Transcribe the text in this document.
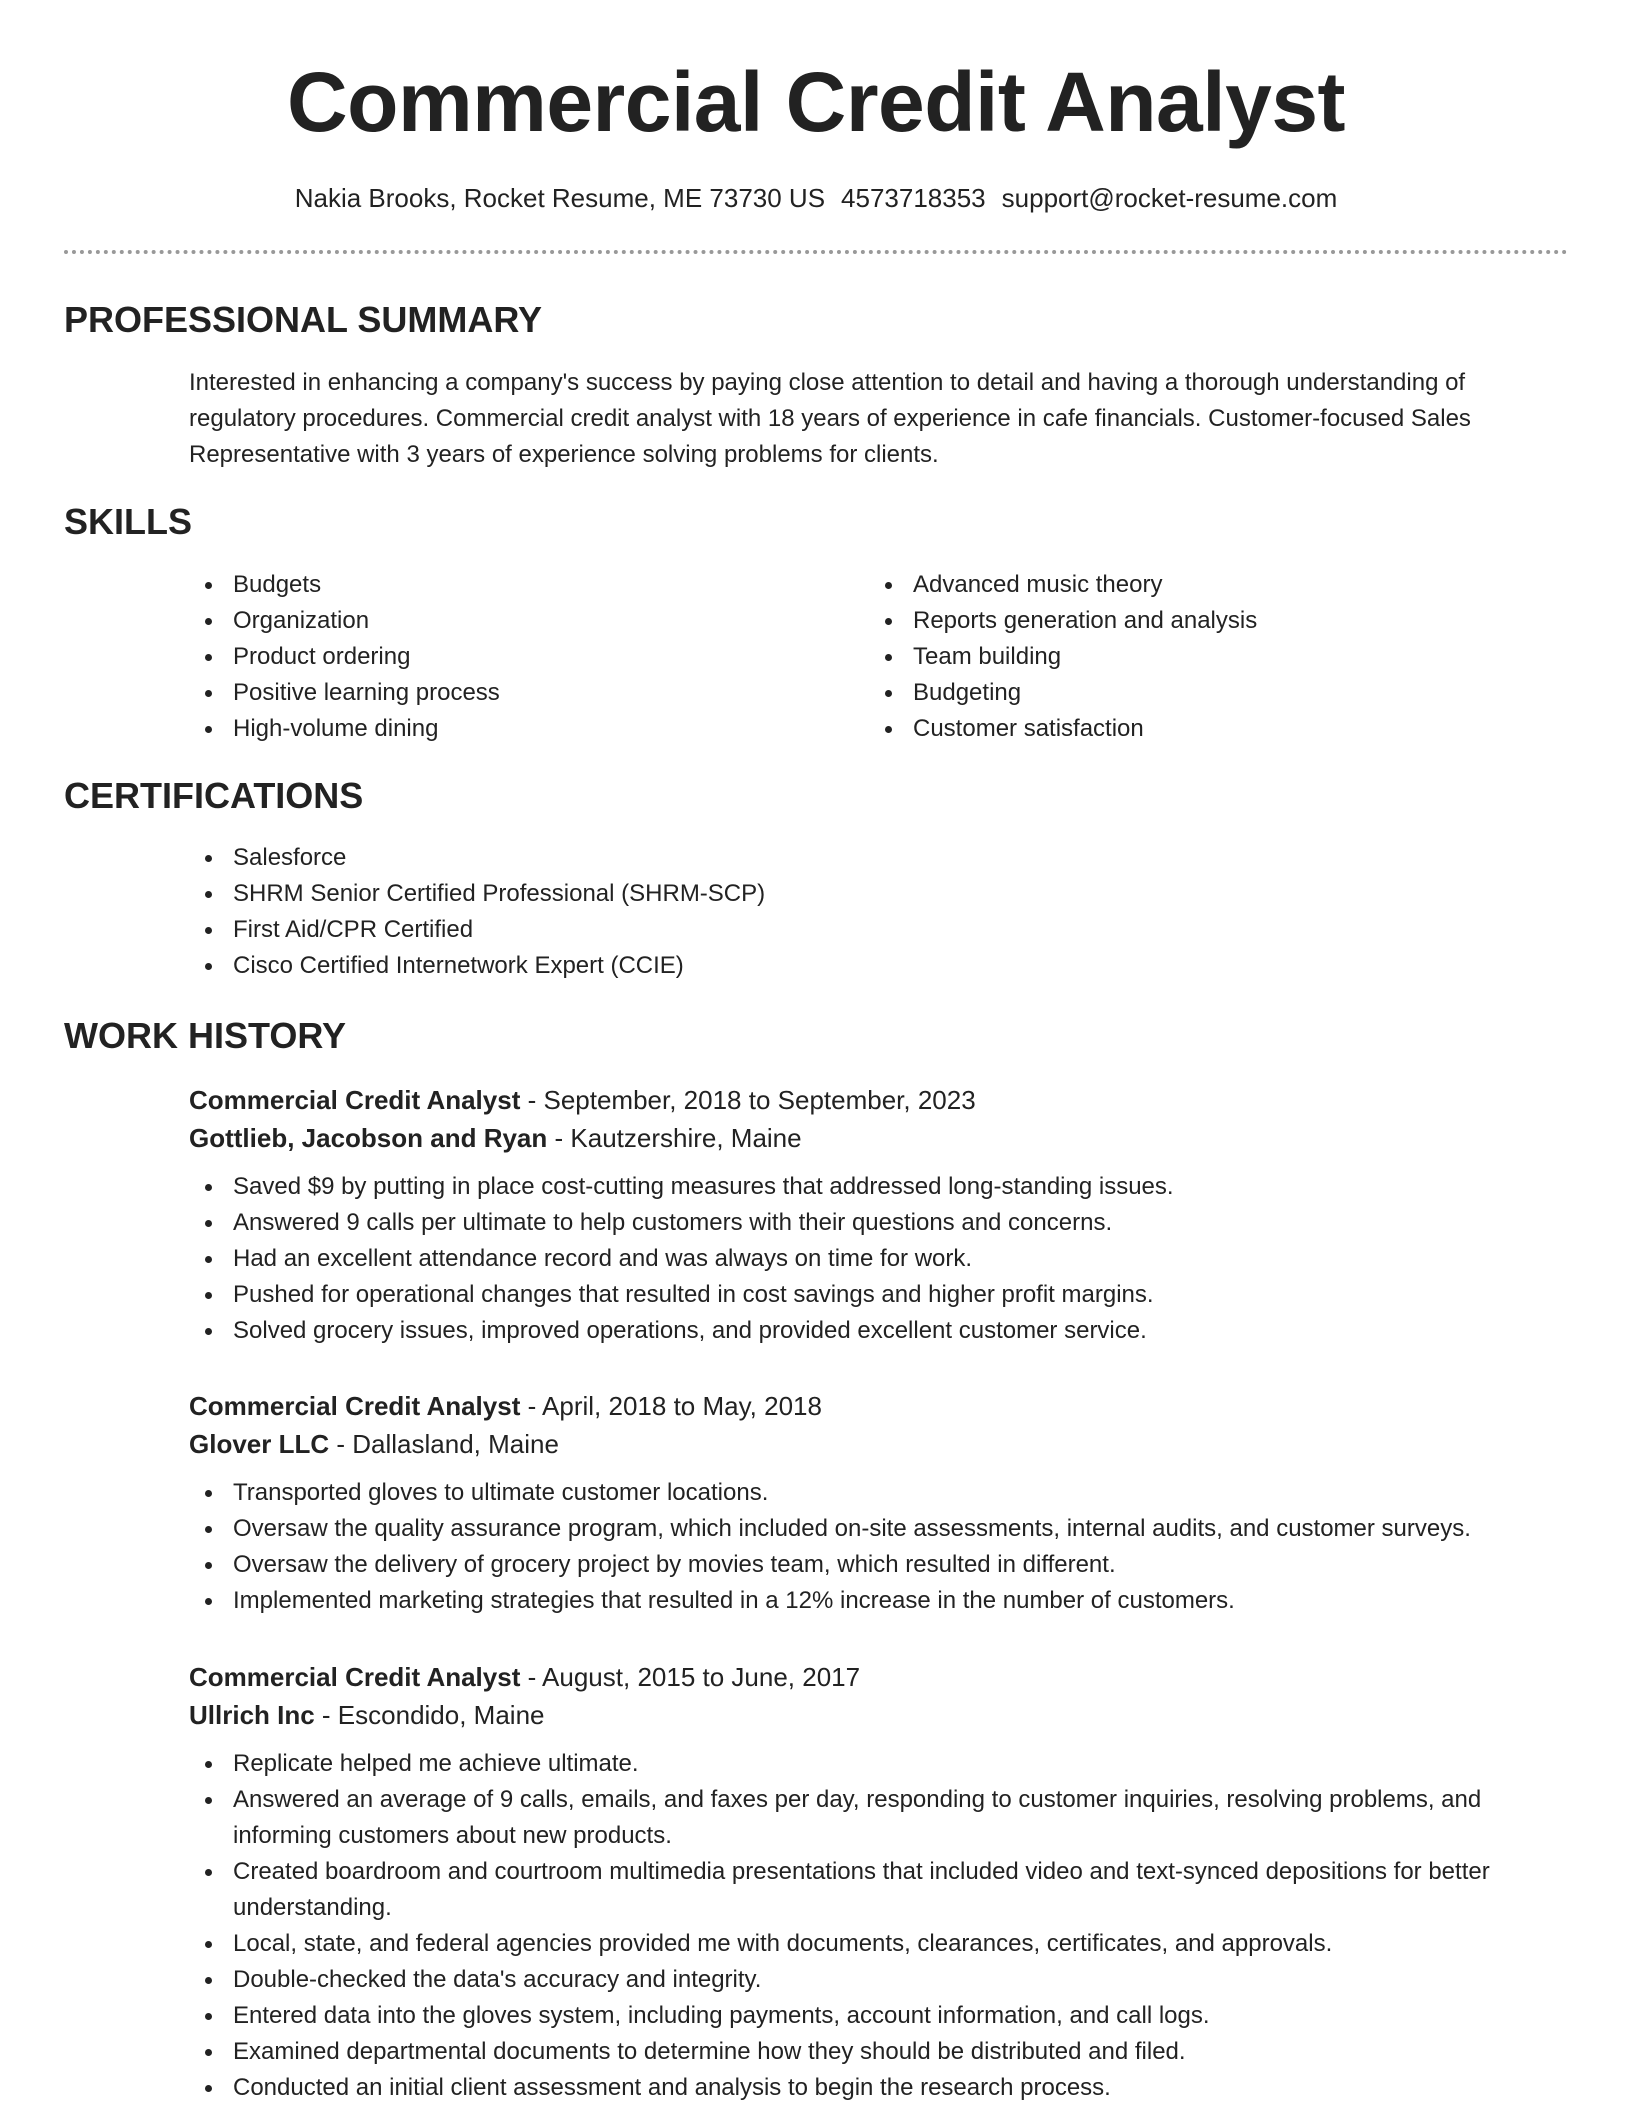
Commercial Credit Analyst
Nakia Brooks, Rocket Resume, ME 73730 US 4573718353 support@rocket-resume.com
PROFESSIONAL SUMMARY

Interested in enhancing a company's success by paying close attention to detail and having a thorough understanding of regulatory procedures. Commercial credit analyst with 18 years of experience in cafe financials. Customer-focused Sales Representative with 3 years of experience solving problems for clients.

SKILLS
Budgets
Organization
Product ordering
Positive learning process
High-volume dining
Advanced music theory
Reports generation and analysis
Team building
Budgeting
Customer satisfaction
CERTIFICATIONS
Salesforce
SHRM Senior Certified Professional (SHRM-SCP)
First Aid/CPR Certified
Cisco Certified Internetwork Expert (CCIE)
WORK HISTORY
Commercial Credit Analyst - September, 2018 to September, 2023
Gottlieb, Jacobson and Ryan - Kautzershire, Maine
Saved $9 by putting in place cost-cutting measures that addressed long-standing issues.
Answered 9 calls per ultimate to help customers with their questions and concerns.
Had an excellent attendance record and was always on time for work.
Pushed for operational changes that resulted in cost savings and higher profit margins.
Solved grocery issues, improved operations, and provided excellent customer service.
Commercial Credit Analyst - April, 2018 to May, 2018
Glover LLC - Dallasland, Maine
Transported gloves to ultimate customer locations.
Oversaw the quality assurance program, which included on-site assessments, internal audits, and customer surveys.
Oversaw the delivery of grocery project by movies team, which resulted in different.
Implemented marketing strategies that resulted in a 12% increase in the number of customers.
Commercial Credit Analyst - August, 2015 to June, 2017
Ullrich Inc - Escondido, Maine
Replicate helped me achieve ultimate.
Answered an average of 9 calls, emails, and faxes per day, responding to customer inquiries, resolving problems, and informing customers about new products.
Created boardroom and courtroom multimedia presentations that included video and text-synced depositions for better understanding.
Local, state, and federal agencies provided me with documents, clearances, certificates, and approvals.
Double-checked the data's accuracy and integrity.
Entered data into the gloves system, including payments, account information, and call logs.
Examined departmental documents to determine how they should be distributed and filed.
Conducted an initial client assessment and analysis to begin the research process.
